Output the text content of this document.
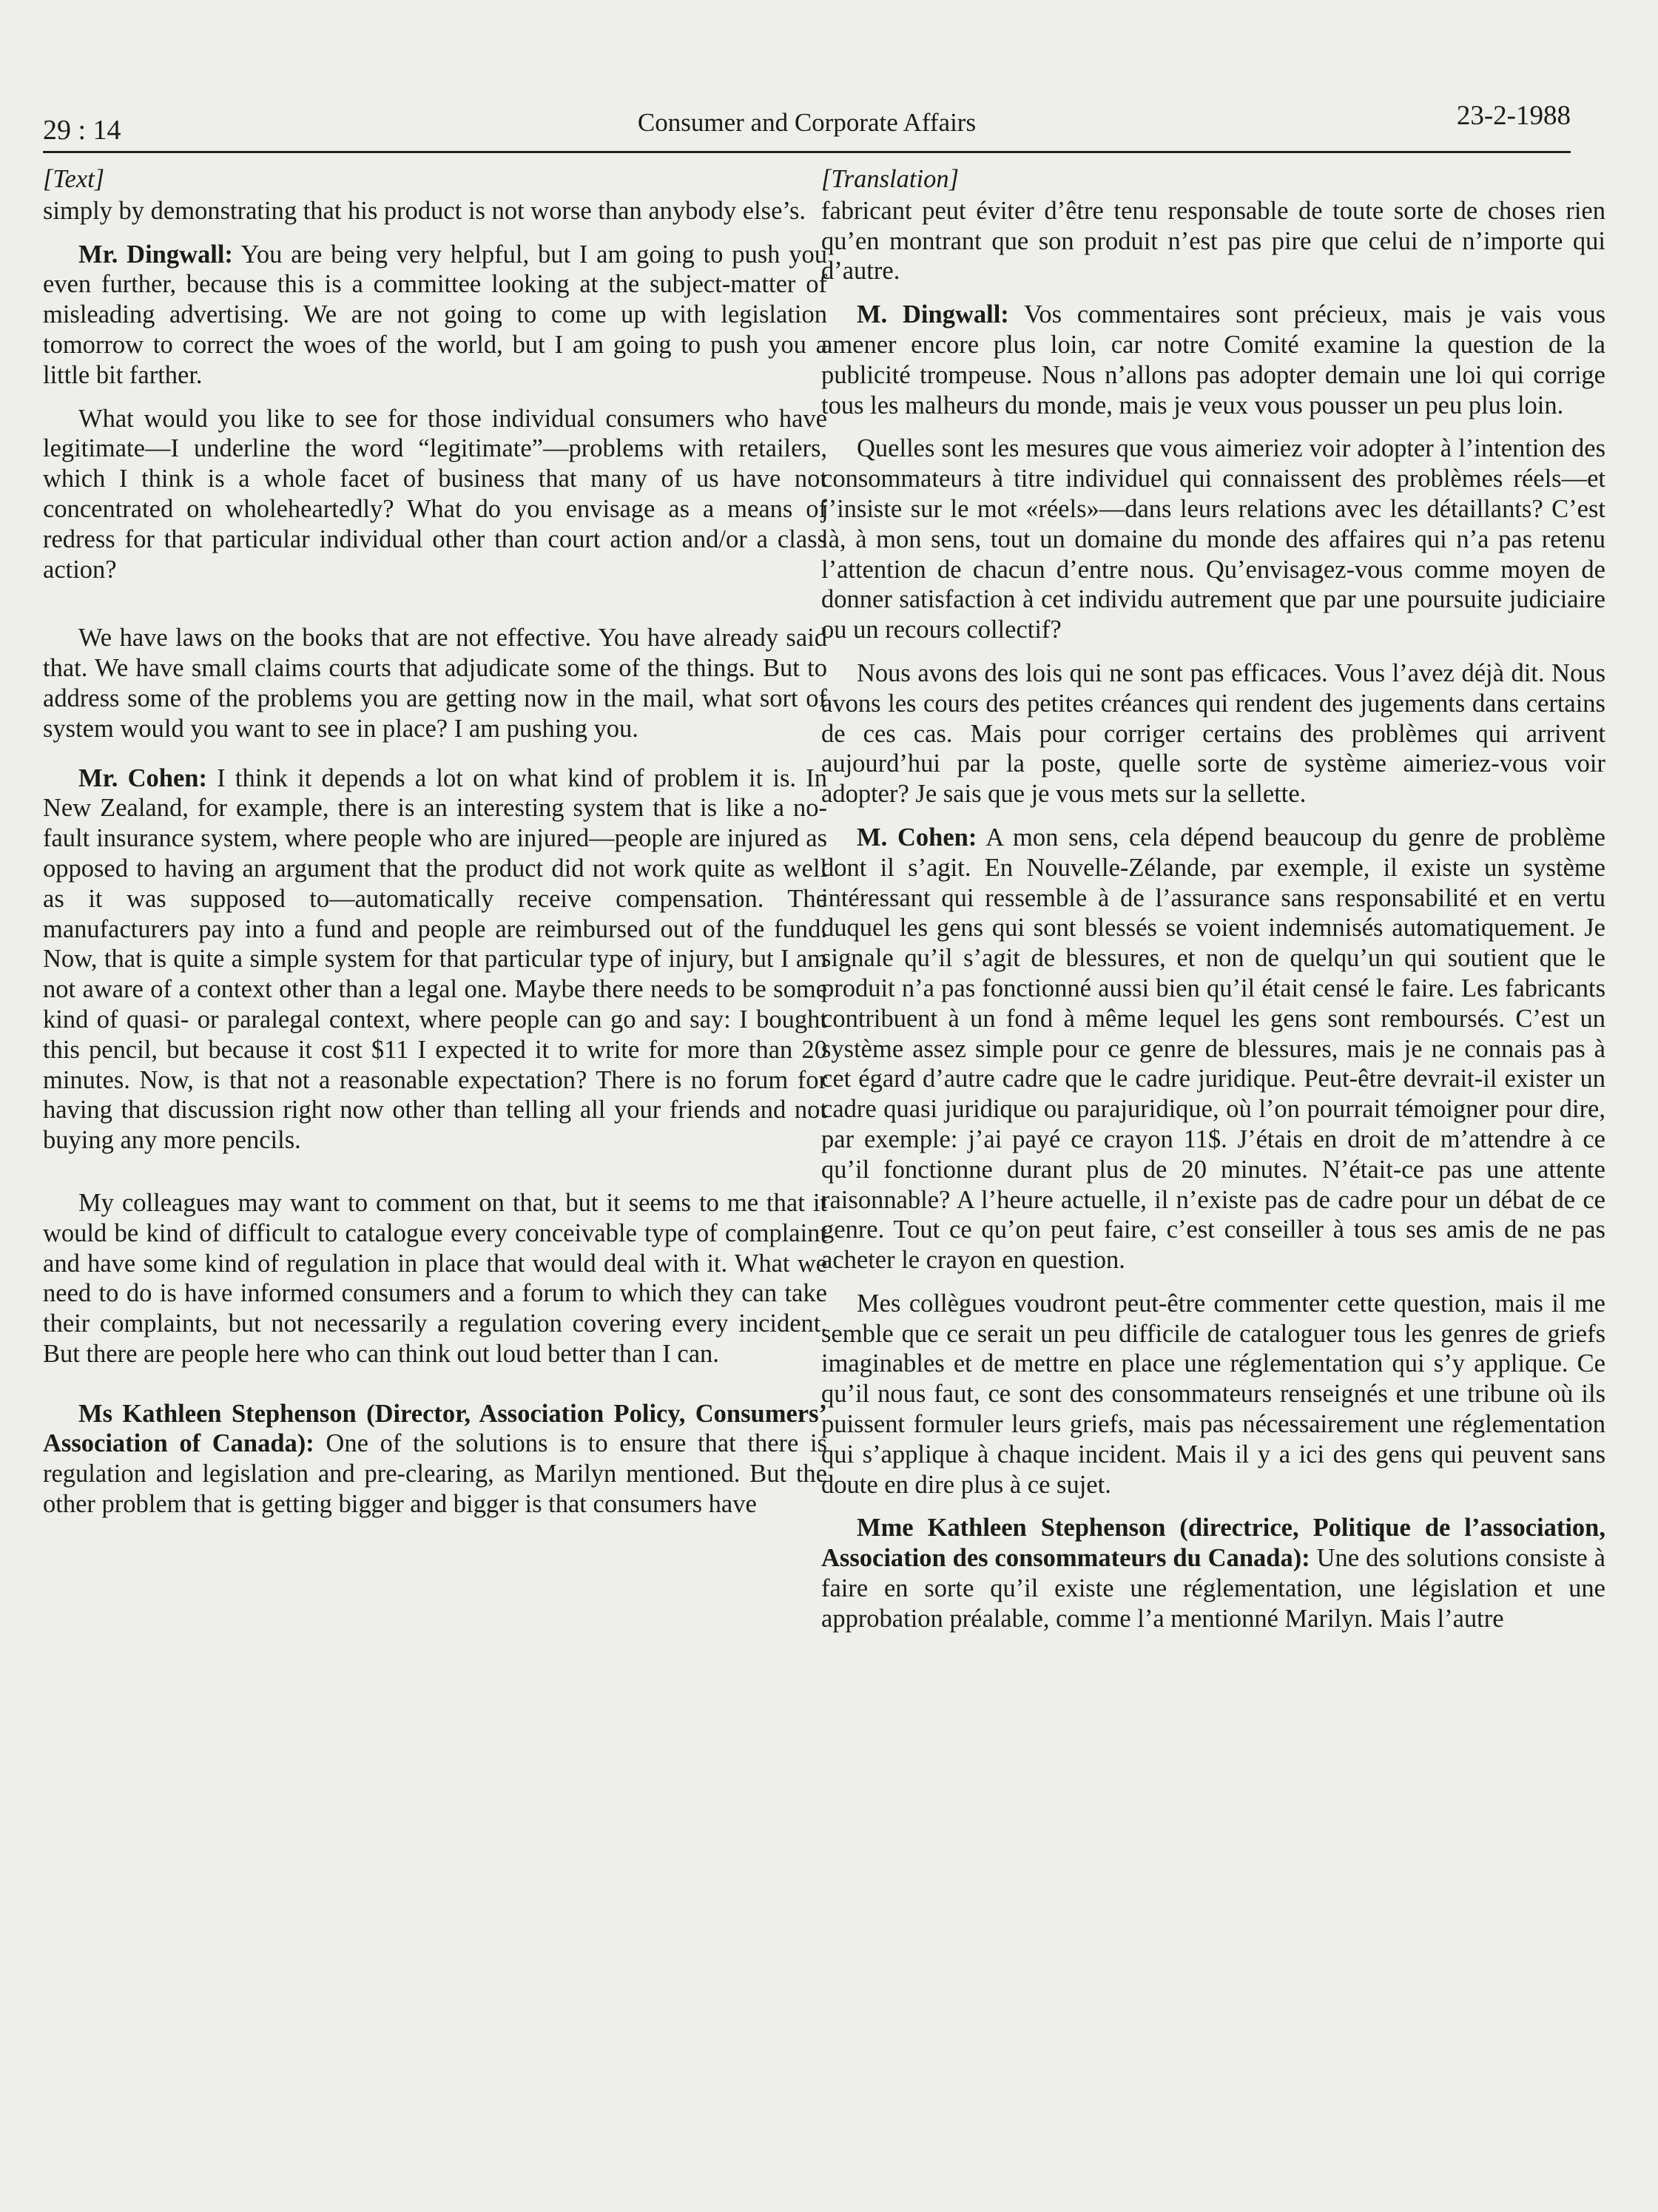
29 : 14	Consumer and Corporate Affairs	23-2-1988
[Text]

simply by demonstrating that his product is not worse than anybody else’s.

Mr. Dingwall: You are being very helpful, but I am going to push you even further, because this is a committee looking at the subject-matter of misleading advertising. We are not going to come up with legislation tomorrow to correct the woes of the world, but I am going to push you a little bit farther.

What would you like to see for those individual consumers who have legitimate—I underline the word “legitimate”—problems with retailers, which I think is a whole facet of business that many of us have not concentrated on wholeheartedly? What do you envisage as a means of redress for that particular individual other than court action and/or a class action?

We have laws on the books that are not effective. You have already said that. We have small claims courts that adjudicate some of the things. But to address some of the problems you are getting now in the mail, what sort of system would you want to see in place? I am pushing you.

Mr. Cohen: I think it depends a lot on what kind of problem it is. In New Zealand, for example, there is an interesting system that is like a no-fault insurance system, where people who are injured—people are injured as opposed to having an argument that the product did not work quite as well as it was supposed to—automatically receive compensation. The manufacturers pay into a fund and people are reimbursed out of the fund. Now, that is quite a simple system for that particular type of injury, but I am not aware of a context other than a legal one. Maybe there needs to be some kind of quasi- or paralegal context, where people can go and say: I bought this pencil, but because it cost $11 I expected it to write for more than 20 minutes. Now, is that not a reasonable expectation? There is no forum for having that discussion right now other than telling all your friends and not buying any more pencils.

My colleagues may want to comment on that, but it seems to me that it would be kind of difficult to catalogue every conceivable type of complaint and have some kind of regulation in place that would deal with it. What we need to do is have informed consumers and a forum to which they can take their complaints, but not necessarily a regulation covering every incident. But there are people here who can think out loud better than I can.

Ms Kathleen Stephenson (Director, Association Policy, Consumers’ Association of Canada): One of the solutions is to ensure that there is regulation and legislation and pre-clearing, as Marilyn mentioned. But the other problem that is getting bigger and bigger is that consumers have

[Translation]

fabricant peut éviter d’être tenu responsable de toute sorte de choses rien qu’en montrant que son produit n’est pas pire que celui de n’importe qui d’autre.

M. Dingwall: Vos commentaires sont précieux, mais je vais vous amener encore plus loin, car notre Comité examine la question de la publicité trompeuse. Nous n’allons pas adopter demain une loi qui corrige tous les malheurs du monde, mais je veux vous pousser un peu plus loin.

Quelles sont les mesures que vous aimeriez voir adopter à l’intention des consommateurs à titre individuel qui connaissent des problèmes réels—et j’insiste sur le mot «réels»—dans leurs relations avec les détaillants? C’est là, à mon sens, tout un domaine du monde des affaires qui n’a pas retenu l’attention de chacun d’entre nous. Qu’envisagez-vous comme moyen de donner satisfaction à cet individu autrement que par une poursuite judiciaire ou un recours collectif?

Nous avons des lois qui ne sont pas efficaces. Vous l’avez déjà dit. Nous avons les cours des petites créances qui rendent des jugements dans certains de ces cas. Mais pour corriger certains des problèmes qui arrivent aujourd’hui par la poste, quelle sorte de système aimeriez-vous voir adopter? Je sais que je vous mets sur la sellette.

M. Cohen: A mon sens, cela dépend beaucoup du genre de problème dont il s’agit. En Nouvelle-Zélande, par exemple, il existe un système intéressant qui ressemble à de l’assurance sans responsabilité et en vertu duquel les gens qui sont blessés se voient indemnisés automatiquement. Je signale qu’il s’agit de blessures, et non de quelqu’un qui soutient que le produit n’a pas fonctionné aussi bien qu’il était censé le faire. Les fabricants contribuent à un fond à même lequel les gens sont remboursés. C’est un système assez simple pour ce genre de blessures, mais je ne connais pas à cet égard d’autre cadre que le cadre juridique. Peut-être devrait-il exister un cadre quasi juridique ou parajuridique, où l’on pourrait témoigner pour dire, par exemple: j’ai payé ce crayon 11$. J’étais en droit de m’attendre à ce qu’il fonctionne durant plus de 20 minutes. N’était-ce pas une attente raisonnable? A l’heure actuelle, il n’existe pas de cadre pour un débat de ce genre. Tout ce qu’on peut faire, c’est conseiller à tous ses amis de ne pas acheter le crayon en question.

Mes collègues voudront peut-être commenter cette question, mais il me semble que ce serait un peu difficile de cataloguer tous les genres de griefs imaginables et de mettre en place une réglementation qui s’y applique. Ce qu’il nous faut, ce sont des consommateurs renseignés et une tribune où ils puissent formuler leurs griefs, mais pas nécessairement une réglementation qui s’applique à chaque incident. Mais il y a ici des gens qui peuvent sans doute en dire plus à ce sujet.

Mme Kathleen Stephenson (directrice, Politique de l’association, Association des consommateurs du Canada): Une des solutions consiste à faire en sorte qu’il existe une réglementation, une législation et une approbation préalable, comme l’a mentionné Marilyn. Mais l’autre
